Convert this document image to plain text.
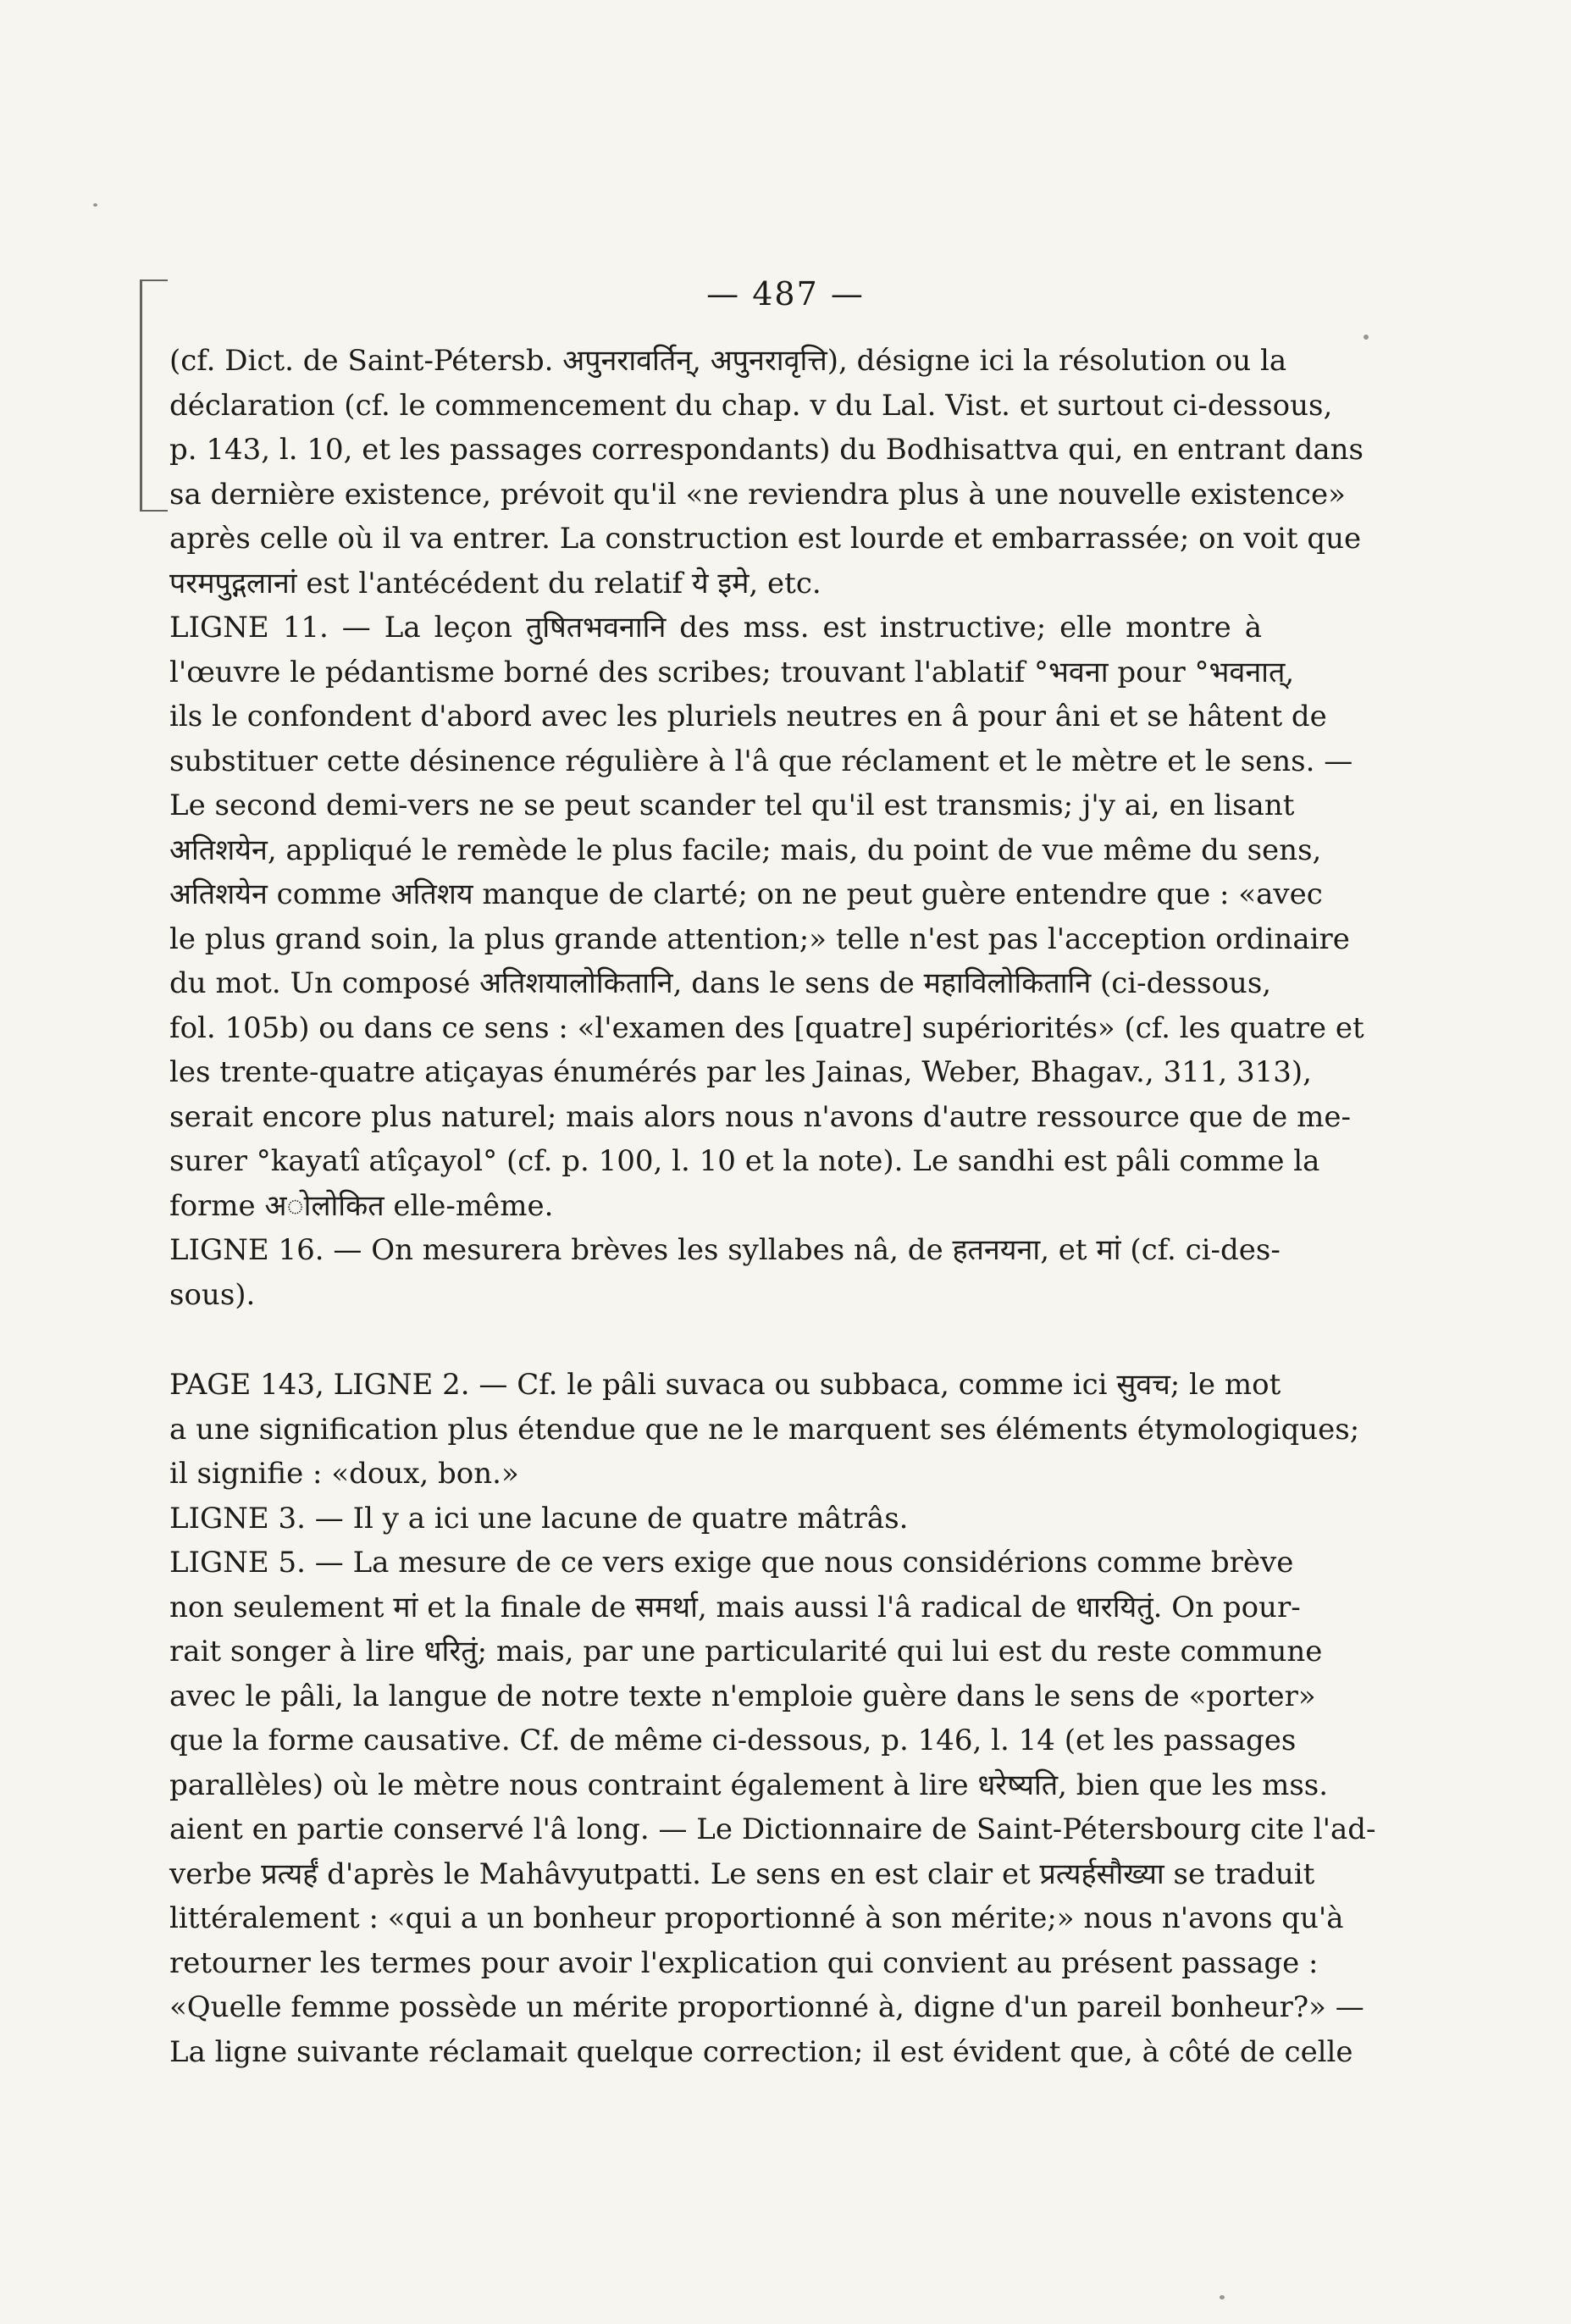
— 487 —
(cf. Dict. de Saint-Pétersb. अपुनरावर्तिन्, अपुनरावृत्ति), désigne ici la résolution ou la
déclaration (cf. le commencement du chap. v du Lal. Vist. et surtout ci-dessous,
p. 143, l. 10, et les passages correspondants) du Bodhisattva qui, en entrant dans
sa dernière existence, prévoit qu'il «ne reviendra plus à une nouvelle existence»
après celle où il va entrer. La construction est lourde et embarrassée; on voit que
परमपुद्गलानां est l'antécédent du relatif ये इमे, etc.
LIGNE 11. — La leçon तुषितभवनानि des mss. est instructive; elle montre à
l'œuvre le pédantisme borné des scribes; trouvant l'ablatif °भवना pour °भवनात्,
ils le confondent d'abord avec les pluriels neutres en â pour âni et se hâtent de
substituer cette désinence régulière à l'â que réclament et le mètre et le sens. —
Le second demi-vers ne se peut scander tel qu'il est transmis; j'y ai, en lisant
अतिशयेन, appliqué le remède le plus facile; mais, du point de vue même du sens,
अतिशयेन comme अतिशय manque de clarté; on ne peut guère entendre que : «avec
le plus grand soin, la plus grande attention;» telle n'est pas l'acception ordinaire
du mot. Un composé अतिशयालोकितानि, dans le sens de महाविलोकितानि (ci-dessous,
fol. 105b) ou dans ce sens : «l'examen des [quatre] supériorités» (cf. les quatre et
les trente-quatre atiçayas énumérés par les Jainas, Weber, Bhagav., 311, 313),
serait encore plus naturel; mais alors nous n'avons d'autre ressource que de me-
surer °kayatî atîçayol° (cf. p. 100, l. 10 et la note). Le sandhi est pâli comme la
forme अोलोकित elle-même.
LIGNE 16. — On mesurera brèves les syllabes nâ, de हतनयना, et मां (cf. ci-des-
sous).
PAGE 143, LIGNE 2. — Cf. le pâli suvaca ou subbaca, comme ici सुवच; le mot
a une signification plus étendue que ne le marquent ses éléments étymologiques;
il signifie : «doux, bon.»
LIGNE 3. — Il y a ici une lacune de quatre mâtrâs.
LIGNE 5. — La mesure de ce vers exige que nous considérions comme brève
non seulement मां et la finale de समर्था, mais aussi l'â radical de धारयितुं. On pour-
rait songer à lire धरितुं; mais, par une particularité qui lui est du reste commune
avec le pâli, la langue de notre texte n'emploie guère dans le sens de «porter»
que la forme causative. Cf. de même ci-dessous, p. 146, l. 14 (et les passages
parallèles) où le mètre nous contraint également à lire धरेष्यति, bien que les mss.
aient en partie conservé l'â long. — Le Dictionnaire de Saint-Pétersbourg cite l'ad-
verbe प्रत्यर्हं d'après le Mahâvyutpatti. Le sens en est clair et प्रत्यर्हसौख्या se traduit
littéralement : «qui a un bonheur proportionné à son mérite;» nous n'avons qu'à
retourner les termes pour avoir l'explication qui convient au présent passage :
«Quelle femme possède un mérite proportionné à, digne d'un pareil bonheur?» —
La ligne suivante réclamait quelque correction; il est évident que, à côté de celle
